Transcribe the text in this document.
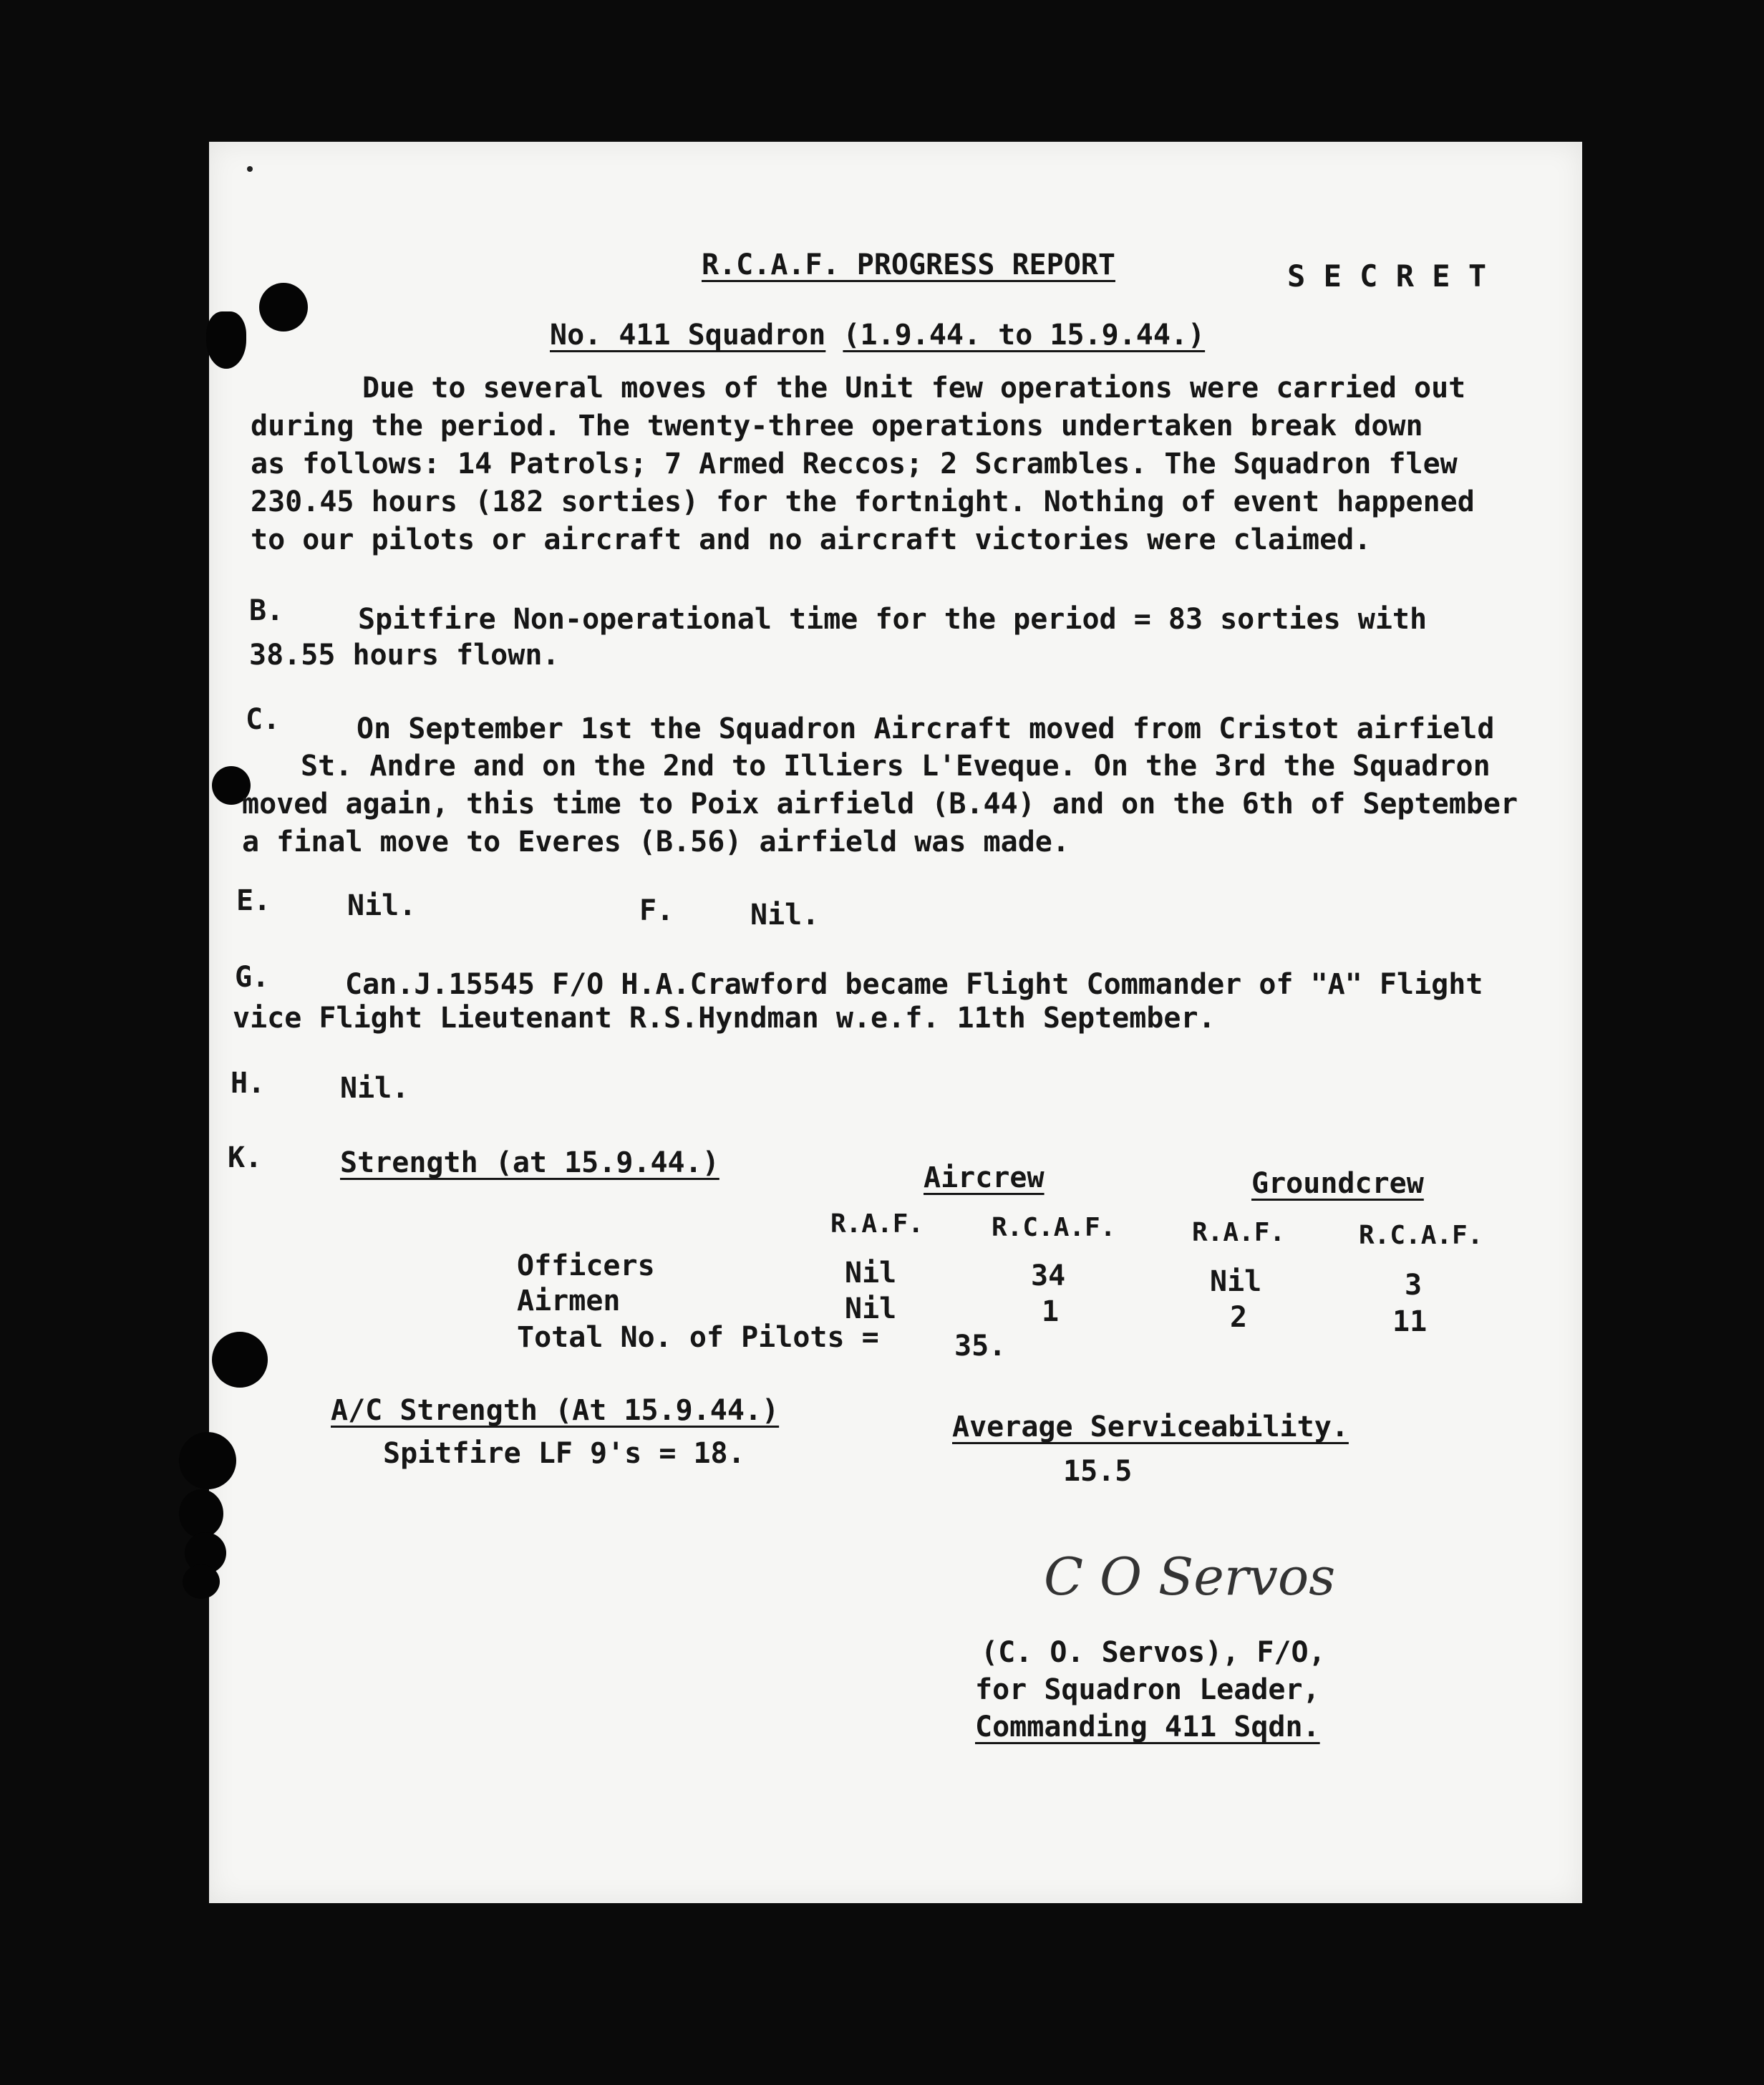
R.C.A.F. PROGRESS REPORT	S E C R E T
No. 411 Squadron (1.9.44. to 15.9.44.)
Due to several moves of the Unit few operations were carried out
during the period. The twenty-three operations undertaken break down
as follows: 14 Patrols; 7 Armed Reccos; 2 Scrambles. The Squadron flew
230.45 hours (182 sorties) for the fortnight. Nothing of event happened
to our pilots or aircraft and no aircraft victories were claimed.
B.	Spitfire Non-operational time for the period = 83 sorties with
38.55 hours flown.
C.	On September 1st the Squadron Aircraft moved from Cristot airfield
St. Andre and on the 2nd to Illiers L'Eveque. On the 3rd the Squadron
moved again, this time to Poix airfield (B.44) and on the 6th of September
a final move to Everes (B.56) airfield was made.
E.	Nil.	F.	Nil.
G.	Can.J.15545 F/O H.A.Crawford became Flight Commander of "A" Flight
vice Flight Lieutenant R.S.Hyndman w.e.f. 11th September.
H.	Nil.
K.	Strength (at 15.9.44.)	Aircrew	Groundcrew
R.A.F.	R.C.A.F.	R.A.F.	R.C.A.F.
Officers	Nil	34	Nil	3
Airmen	Nil	1	2	11
Total No. of Pilots =	35.
A/C Strength (At 15.9.44.)
Spitfire LF 9's = 18.
Average Serviceability.
15.5
C O Servos
(C. O. Servos), F/O,
for Squadron Leader,
Commanding 411 Sqdn.
